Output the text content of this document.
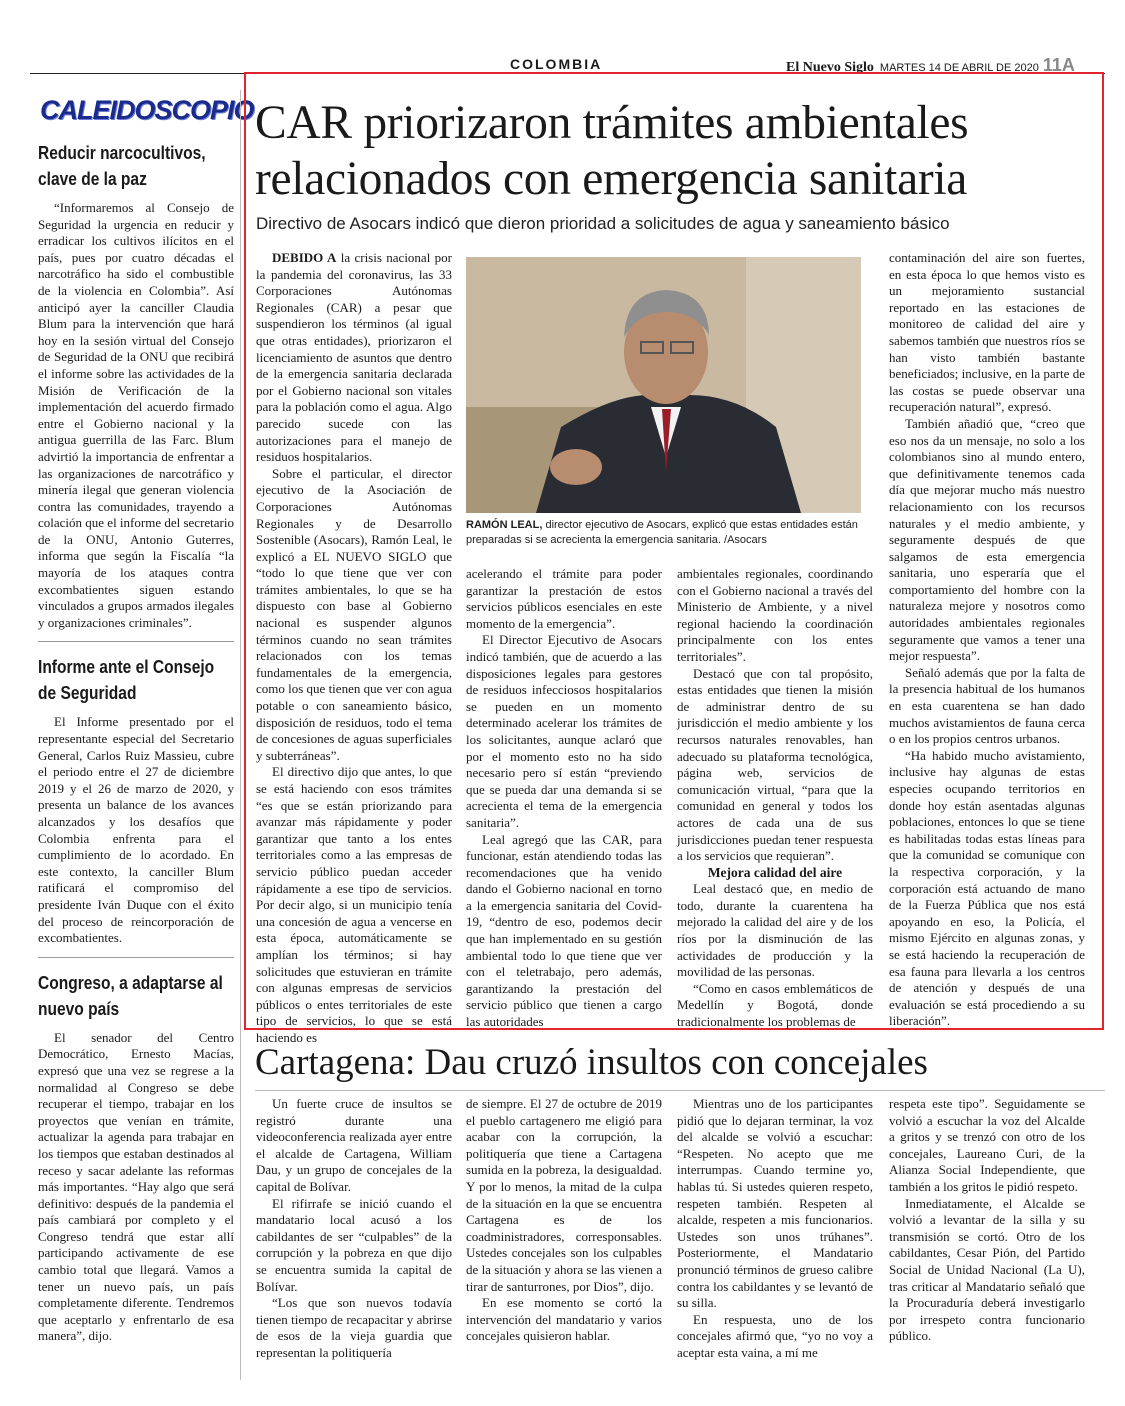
COLOMBIA	El Nuevo Siglo MARTES 14 DE ABRIL DE 2020 11A
CALEIDOSCOPIO
Reducir narcocultivos, clave de la paz

“Informaremos al Consejo de Seguridad la urgencia en reducir y erradicar los cultivos ilícitos en el país, pues por cuatro décadas el narcotráfico ha sido el combustible de la violencia en Colombia”. Así anticipó ayer la canciller Claudia Blum para la intervención que hará hoy en la sesión virtual del Consejo de Seguridad de la ONU que recibirá el informe sobre las actividades de la Misión de Verificación de la implementación del acuerdo firmado entre el Gobierno nacional y la antigua guerrilla de las Farc. Blum advirtió la importancia de enfrentar a las organizaciones de narcotráfico y minería ilegal que generan violencia contra las comunidades, trayendo a colación que el informe del secretario de la ONU, Antonio Guterres, informa que según la Fiscalía “la mayoría de los ataques contra excombatientes siguen estando vinculados a grupos armados ilegales y organizaciones criminales”.

Informe ante el Consejo de Seguridad

El Informe presentado por el representante especial del Secretario General, Carlos Ruiz Massieu, cubre el periodo entre el 27 de diciembre 2019 y el 26 de marzo de 2020, y presenta un balance de los avances alcanzados y los desafíos que Colombia enfrenta para el cumplimiento de lo acordado. En este contexto, la canciller Blum ratificará el compromiso del presidente Iván Duque con el éxito del proceso de reincorporación de excombatientes.

Congreso, a adaptarse al nuevo país

El senador del Centro Democrático, Ernesto Macías, expresó que una vez se regrese a la normalidad al Congreso se debe recuperar el tiempo, trabajar en los proyectos que venían en trámite, actualizar la agenda para trabajar en los tiempos que estaban destinados al receso y sacar adelante las reformas más importantes. “Hay algo que será definitivo: después de la pandemia el país cambiará por completo y el Congreso tendrá que estar allí participando activamente de ese cambio total que llegará. Vamos a tener un nuevo país, un país completamente diferente. Tendremos que aceptarlo y enfrentarlo de esa manera”, dijo.

CAR priorizaron trámites ambientales relacionados con emergencia sanitaria
Directivo de Asocars indicó que dieron prioridad a solicitudes de agua y saneamiento básico

DEBIDO A la crisis nacional por la pandemia del coronavirus, las 33 Corporaciones Autónomas Regionales (CAR) a pesar que suspendieron los términos (al igual que otras entidades), priorizaron el licenciamiento de asuntos que dentro de la emergencia sanitaria declarada por el Gobierno nacional son vitales para la población como el agua. Algo parecido sucede con las autorizaciones para el manejo de residuos hospitalarios.

Sobre el particular, el director ejecutivo de la Asociación de Corporaciones Autónomas Regionales y de Desarrollo Sostenible (Asocars), Ramón Leal, le explicó a EL NUEVO SIGLO que “todo lo que tiene que ver con trámites ambientales, lo que se ha dispuesto con base al Gobierno nacional es suspender algunos términos cuando no sean trámites relacionados con los temas fundamentales de la emergencia, como los que tienen que ver con agua potable o con saneamiento básico, disposición de residuos, todo el tema de concesiones de aguas superficiales y subterráneas”.

El directivo dijo que antes, lo que se está haciendo con esos trámites “es que se están priorizando para avanzar más rápidamente y poder garantizar que tanto a los entes territoriales como a las empresas de servicio público puedan acceder rápidamente a ese tipo de servicios. Por decir algo, si un municipio tenía una concesión de agua a vencerse en esta época, automáticamente se amplían los términos; si hay solicitudes que estuvieran en trámite con algunas empresas de servicios públicos o entes territoriales de este tipo de servicios, lo que se está haciendo es

RAMÓN LEAL, director ejecutivo de Asocars, explicó que estas entidades están preparadas si se acrecienta la emergencia sanitaria. /Asocars

acelerando el trámite para poder garantizar la prestación de estos servicios públicos esenciales en este momento de la emergencia”.

El Director Ejecutivo de Asocars indicó también, que de acuerdo a las disposiciones legales para gestores de residuos infecciosos hospitalarios se pueden en un momento determinado acelerar los trámites de los solicitantes, aunque aclaró que por el momento esto no ha sido necesario pero sí están “previendo que se pueda dar una demanda si se acrecienta el tema de la emergencia sanitaria”.

Leal agregó que las CAR, para funcionar, están atendiendo todas las recomendaciones que ha venido dando el Gobierno nacional en torno a la emergencia sanitaria del Covid-19, “dentro de eso, podemos decir que han implementado en su gestión ambiental todo lo que tiene que ver con el teletrabajo, pero además, garantizando la prestación del servicio público que tienen a cargo las autoridades

ambientales regionales, coordinando con el Gobierno nacional a través del Ministerio de Ambiente, y a nivel regional haciendo la coordinación principalmente con los entes territoriales”.

Destacó que con tal propósito, estas entidades que tienen la misión de administrar dentro de su jurisdicción el medio ambiente y los recursos naturales renovables, han adecuado su plataforma tecnológica, página web, servicios de comunicación virtual, “para que la comunidad en general y todos los actores de cada una de sus jurisdicciones puedan tener respuesta a los servicios que requieran”.

Mejora calidad del aire

Leal destacó que, en medio de todo, durante la cuarentena ha mejorado la calidad del aire y de los ríos por la disminución de las actividades de producción y la movilidad de las personas.

“Como en casos emblemáticos de Medellín y Bogotá, donde tradicionalmente los problemas de

contaminación del aire son fuertes, en esta época lo que hemos visto es un mejoramiento sustancial reportado en las estaciones de monitoreo de calidad del aire y sabemos también que nuestros ríos se han visto también bastante beneficiados; inclusive, en la parte de las costas se puede observar una recuperación natural”, expresó.

También añadió que, “creo que eso nos da un mensaje, no solo a los colombianos sino al mundo entero, que definitivamente tenemos cada día que mejorar mucho más nuestro relacionamiento con los recursos naturales y el medio ambiente, y seguramente después de que salgamos de esta emergencia sanitaria, uno esperaría que el comportamiento del hombre con la naturaleza mejore y nosotros como autoridades ambientales regionales seguramente que vamos a tener una mejor respuesta”.

Señaló además que por la falta de la presencia habitual de los humanos en esta cuarentena se han dado muchos avistamientos de fauna cerca o en los propios centros urbanos.

“Ha habido mucho avistamiento, inclusive hay algunas de estas especies ocupando territorios en donde hoy están asentadas algunas poblaciones, entonces lo que se tiene es habilitadas todas estas líneas para que la comunidad se comunique con la respectiva corporación, y la corporación está actuando de mano de la Fuerza Pública que nos está apoyando en eso, la Policía, el mismo Ejército en algunas zonas, y se está haciendo la recuperación de esa fauna para llevarla a los centros de atención y después de una evaluación se está procediendo a su liberación”.

Cartagena: Dau cruzó insultos con concejales

Un fuerte cruce de insultos se registró durante una videoconferencia realizada ayer entre el alcalde de Cartagena, William Dau, y un grupo de concejales de la capital de Bolívar.

El rifirrafe se inició cuando el mandatario local acusó a los cabildantes de ser “culpables” de la corrupción y la pobreza en que dijo se encuentra sumida la capital de Bolívar.

“Los que son nuevos todavía tienen tiempo de recapacitar y abrirse de esos de la vieja guardia que representan la politiquería

de siempre. El 27 de octubre de 2019 el pueblo cartagenero me eligió para acabar con la corrupción, la politiquería que tiene a Cartagena sumida en la pobreza, la desigualdad. Y por lo menos, la mitad de la culpa de la situación en la que se encuentra Cartagena es de los coadministradores, corresponsables. Ustedes concejales son los culpables de la situación y ahora se las vienen a tirar de santurrones, por Dios”, dijo.

En ese momento se cortó la intervención del mandatario y varios concejales quisieron hablar.

Mientras uno de los participantes pidió que lo dejaran terminar, la voz del alcalde se volvió a escuchar: “Respeten. No acepto que me interrumpas. Cuando termine yo, hablas tú. Si ustedes quieren respeto, respeten también. Respeten al alcalde, respeten a mis funcionarios. Ustedes son unos trúhanes”. Posteriormente, el Mandatario pronunció términos de grueso calibre contra los cabildantes y se levantó de su silla.

En respuesta, uno de los concejales afirmó que, “yo no voy a aceptar esta vaina, a mí me

respeta este tipo”. Seguidamente se volvió a escuchar la voz del Alcalde a gritos y se trenzó con otro de los concejales, Laureano Curi, de la Alianza Social Independiente, que también a los gritos le pidió respeto.

Inmediatamente, el Alcalde se volvió a levantar de la silla y su transmisión se cortó. Otro de los cabildantes, Cesar Pión, del Partido Social de Unidad Nacional (La U), tras criticar al Mandatario señaló que la Procuraduría deberá investigarlo por irrespeto contra funcionario público.
